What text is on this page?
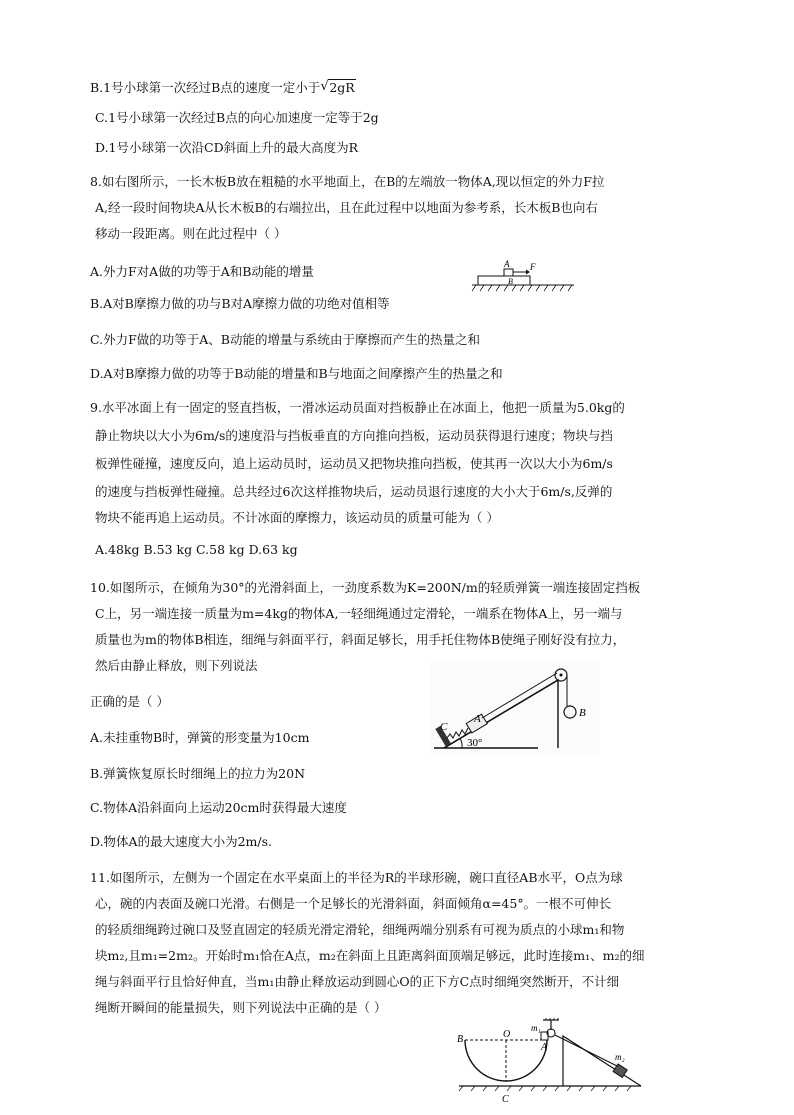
B.1号小球第一次经过B点的速度一定小于 √ 2gR
C.1号小球第一次经过B点的向心加速度一定等于2g
D.1号小球第一次沿CD斜面上升的最大高度为R
8.如右图所示，一长木板B放在粗糙的水平地面上，在B的左端放一物体A,现以恒定的外力F拉
A,经一段时间物块A从长木板B的右端拉出，且在此过程中以地面为参考系，长木板B也向右
移动一段距离。则在此过程中（ ）
A.外力F对A做的功等于A和B动能的增量
B.A对B摩擦力做的功与B对A摩擦力做的功绝对值相等
C.外力F做的功等于A、B动能的增量与系统由于摩擦而产生的热量之和
D.A对B摩擦力做的功等于B动能的增量和B与地面之间摩擦产生的热量之和
A F
B
9.水平冰面上有一固定的竖直挡板，一滑冰运动员面对挡板静止在冰面上，他把一质量为5.0kg的
静止物块以大小为6m/s的速度沿与挡板垂直的方向推向挡板，运动员获得退行速度；物块与挡
板弹性碰撞，速度反向，追上运动员时，运动员又把物块推向挡板，使其再一次以大小为6m/s
的速度与挡板弹性碰撞。总共经过6次这样推物块后，运动员退行速度的大小大于6m/s,反弹的
物块不能再追上运动员。不计冰面的摩擦力，该运动员的质量可能为（ ）
A.48kg B.53 kg C.58 kg D.63 kg
10.如图所示，在倾角为30°的光滑斜面上，一劲度系数为K=200N/m的轻质弹簧一端连接固定挡板
C上，另一端连接一质量为m=4kg的物体A,一轻细绳通过定滑轮，一端系在物体A上，另一端与
质量也为m的物体B相连，细绳与斜面平行，斜面足够长，用手托住物体B使绳子刚好没有拉力，
然后由静止释放，则下列说法
正确的是（ ）
A.未挂重物B时，弹簧的形变量为10cm
B.弹簧恢复原长时细绳上的拉力为20N
C.物体A沿斜面向上运动20cm时获得最大速度
D.物体A的最大速度大小为2m/s.
C
A	B
30°
11.如图所示，左侧为一个固定在水平桌面上的半径为R的半球形碗，碗口直径AB水平，O点为球
心，碗的内表面及碗口光滑。右侧是一个足够长的光滑斜面，斜面倾角α=45°。一根不可伸长
的轻质细绳跨过碗口及竖直固定的轻质光滑定滑轮，细绳两端分别系有可视为质点的小球m₁和物
块m₂,且m₁=2m₂。开始时m₁恰在A点，m₂在斜面上且距离斜面顶端足够远，此时连接m₁、m₂的细
绳与斜面平行且恰好伸直，当m₁由静止释放运动到圆心O的正下方C点时细绳突然断开，不计细
绳断开瞬间的能量损失，则下列说法中正确的是（ ）
B	O
m₁
A
C
m₂
